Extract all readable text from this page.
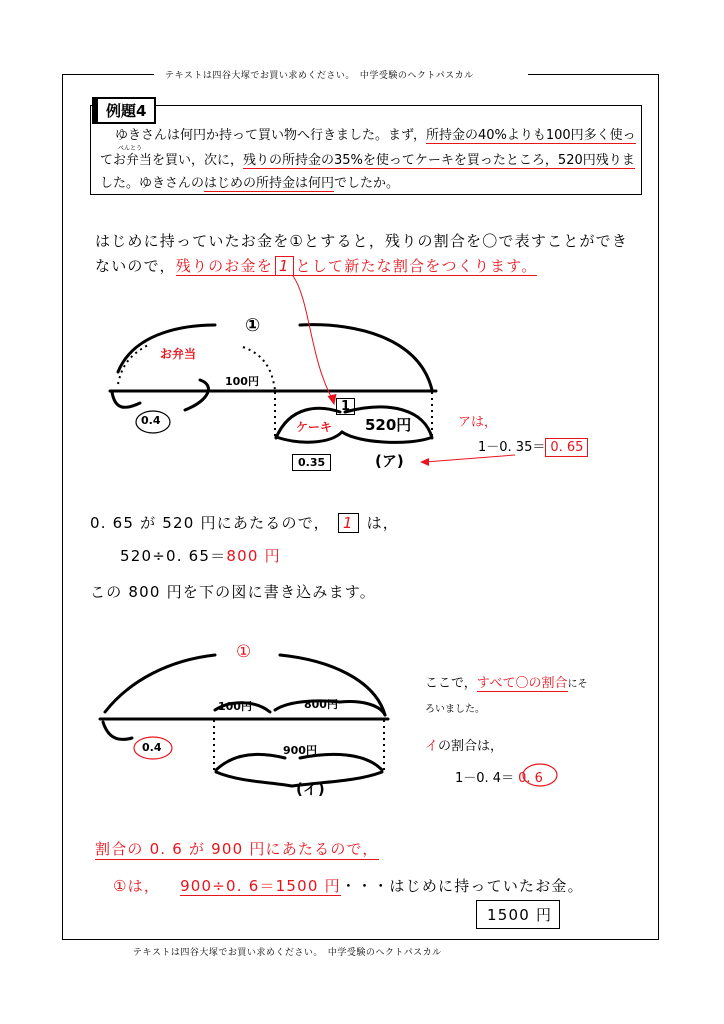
テキストは四谷大塚でお買い求めください。　中学受験のヘクトパスカル
テキストは四谷大塚でお買い求めください。　中学受験のヘクトパスカル
例題4
ゆきさんは何円か持って買い物へ行きました。まず，所持金の40%よりも100円多く使っ
べんとう
てお弁当を買い，次に，残りの所持金の35%を使ってケーキを買ったところ，520円残りま
した。ゆきさんのはじめの所持金は何円でしたか。
はじめに持っていたお金を①とすると，残りの割合を〇で表すことができ
ないので，残りのお金を 1 として新たな割合をつくります。
①
お弁当
100円
0.4
1
ケーキ 520円
0.35	(ア)
アは，
1－0. 35＝ 0. 65
0. 65 が 520 円にあたるので， 1 は，
520÷0. 65＝800 円
この 800 円を下の図に書き込みます。
①
100円	800円
0.4	900円
(イ)
ここで，すべて〇の割合にそ
ろいました。
イの割合は，
1－0. 4＝ 0. 6
割合の 0. 6 が 900 円にあたるので，
①は， 900÷0. 6＝1500 円・・・はじめに持っていたお金。
1500 円
